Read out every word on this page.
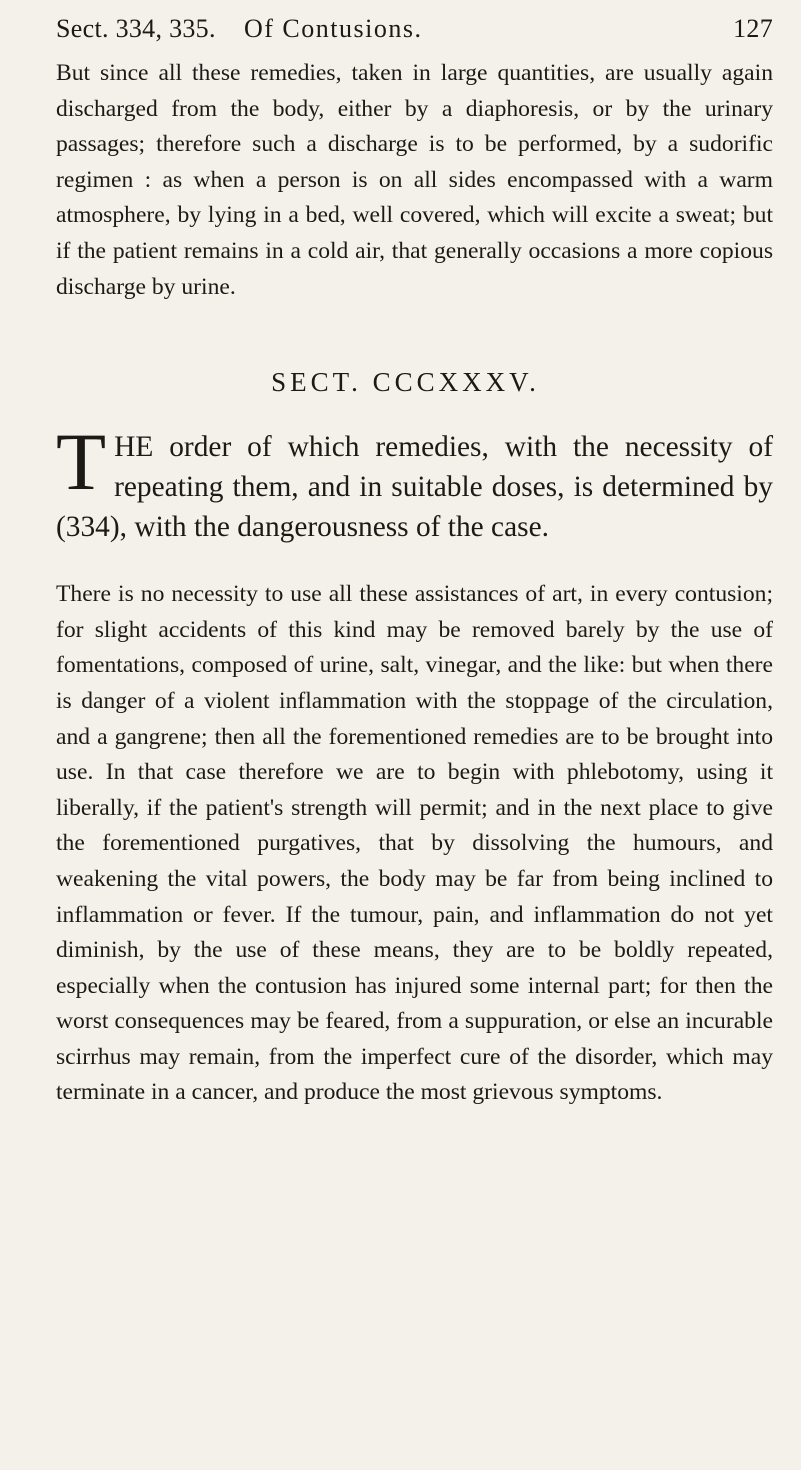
Sect. 334, 335.	Of Contusions.	127

But since all these remedies, taken in large quantities, are usually again discharged from the body, either by a diaphoresis, or by the urinary passages; therefore such a discharge is to be performed, by a sudorific regimen : as when a person is on all sides encompassed with a warm atmosphere, by lying in a bed, well covered, which will excite a sweat; but if the patient remains in a cold air, that generally occasions a more copious discharge by urine.

SECT. CCCXXXV.

THE order of which remedies, with the necessity of repeating them, and in suitable doses, is determined by (334), with the dangerousness of the case.

There is no necessity to use all these assistances of art, in every contusion; for slight accidents of this kind may be removed barely by the use of fomentations, composed of urine, salt, vinegar, and the like: but when there is danger of a violent inflammation with the stoppage of the circulation, and a gangrene; then all the forementioned remedies are to be brought into use. In that case therefore we are to begin with phlebotomy, using it liberally, if the patient's strength will permit; and in the next place to give the forementioned purgatives, that by dissolving the humours, and weakening the vital powers, the body may be far from being inclined to inflammation or fever. If the tumour, pain, and inflammation do not yet diminish, by the use of these means, they are to be boldly repeated, especially when the contusion has injured some internal part; for then the worst consequences may be feared, from a suppuration, or else an incurable scirrhus may remain, from the imperfect cure of the disorder, which may terminate in a cancer, and produce the most grievous symptoms.
